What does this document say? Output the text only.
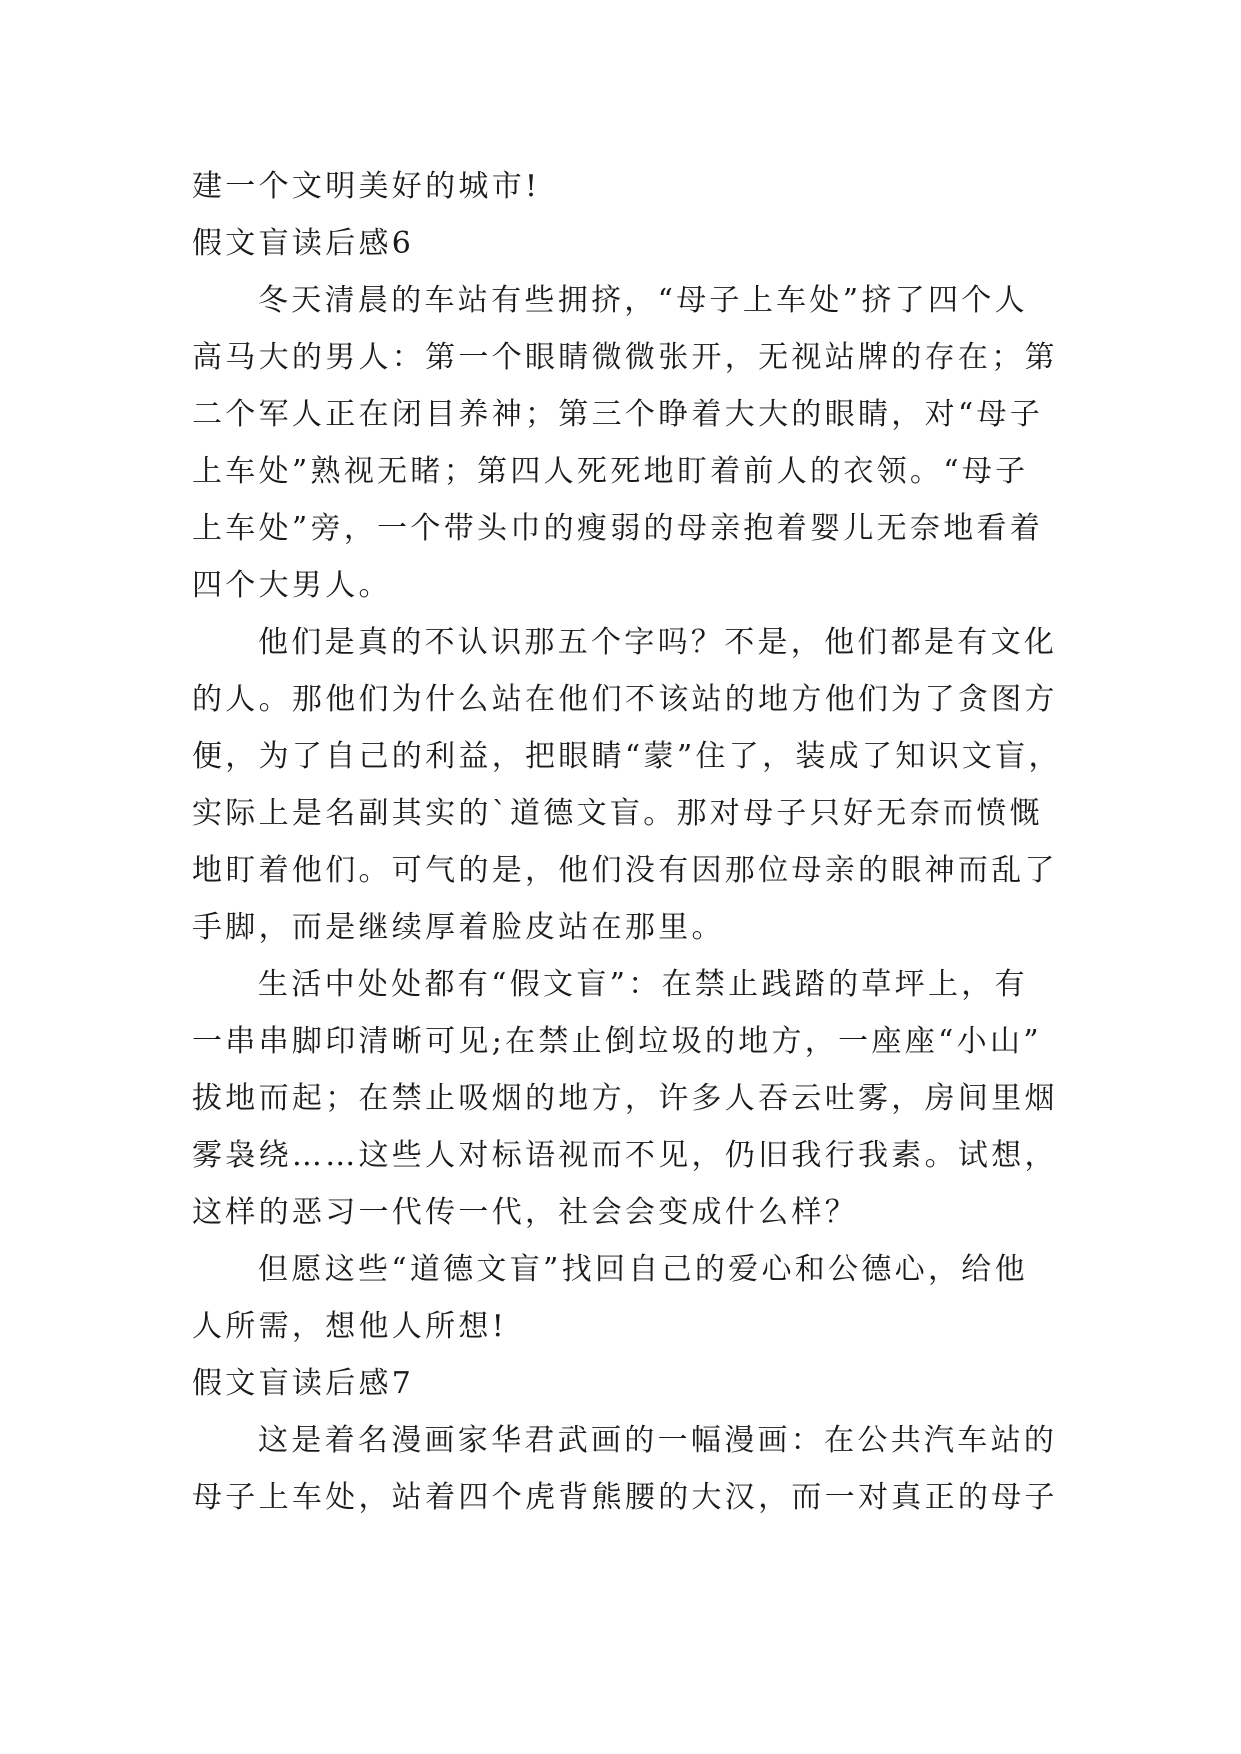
建一个文明美好的城市!
假文盲读后感6
冬天清晨的车站有些拥挤，“母子上车处”挤了四个人
高马大的男人：第一个眼睛微微张开，无视站牌的存在；第
二个军人正在闭目养神；第三个睁着大大的眼睛，对“母子
上车处”熟视无睹；第四人死死地盯着前人的衣领。“母子
上车处”旁，一个带头巾的瘦弱的母亲抱着婴儿无奈地看着
四个大男人。
他们是真的不认识那五个字吗？不是，他们都是有文化
的人。那他们为什么站在他们不该站的地方他们为了贪图方
便，为了自己的利益，把眼睛“蒙”住了，装成了知识文盲，
实际上是名副其实的`道德文盲。那对母子只好无奈而愤慨
地盯着他们。可气的是，他们没有因那位母亲的眼神而乱了
手脚，而是继续厚着脸皮站在那里。
生活中处处都有“假文盲”：在禁止践踏的草坪上，有
一串串脚印清晰可见;在禁止倒垃圾的地方，一座座“小山”
拔地而起；在禁止吸烟的地方，许多人吞云吐雾，房间里烟
雾袅绕……这些人对标语视而不见，仍旧我行我素。试想，
这样的恶习一代传一代，社会会变成什么样？
但愿这些“道德文盲”找回自己的爱心和公德心，给他
人所需，想他人所想!
假文盲读后感7
这是着名漫画家华君武画的一幅漫画：在公共汽车站的
母子上车处，站着四个虎背熊腰的大汉，而一对真正的母子
